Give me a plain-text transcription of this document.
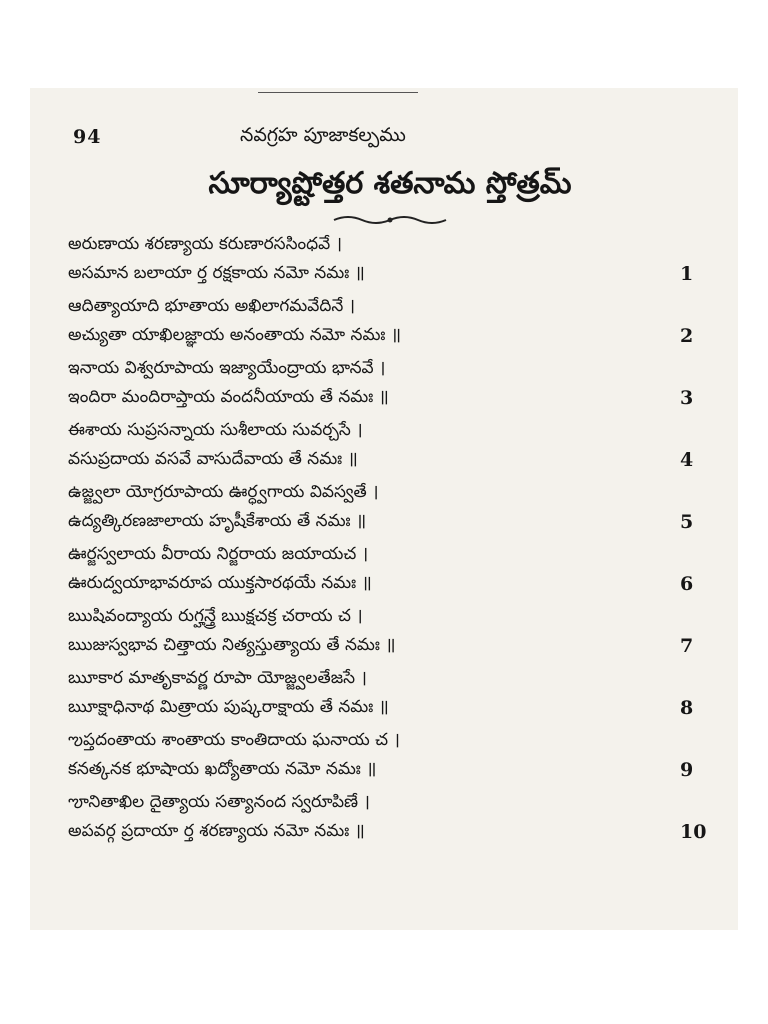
94	నవగ్రహ పూజాకల్పము
సూర్యాష్టోత్తర శతనామ స్తోత్రమ్
అరుణాయ శరణ్యాయ కరుణారససింధవే ।
అసమాన బలాయా ర్త రక్షకాయ నమో నమః ॥	1
ఆదిత్యాయాది భూతాయ అఖిలాగమవేదినే ।
అచ్యుతా యాఖిలజ్ఞాయ అనంతాయ నమో నమః ॥	2
ఇనాయ విశ్వరూపాయ ఇజ్యాయేంద్రాయ భానవే ।
ఇందిరా మందిరాప్తాయ వందనీయాయ తే నమః ॥	3
ఈశాయ సుప్రసన్నాయ సుశీలాయ సువర్చసే ।
వసుప్రదాయ వసవే వాసుదేవాయ తే నమః ॥	4
ఉజ్జ్వలా యోగ్రరూపాయ ఊర్ధ్వగాయ వివస్వతే ।
ఉద్యత్కిరణజాలాయ హృషీకేశాయ తే నమః ॥	5
ఊర్జస్వలాయ వీరాయ నిర్జరాయ జయాయచ ।
ఊరుద్వయాభావరూప యుక్తసారథయే నమః ॥	6
ఋషివంద్యాయ రుగ్హన్త్రే ఋక్షచక్ర చరాయ చ ।
ఋజుస్వభావ చిత్తాయ నిత్యస్తుత్యాయ తే నమః ॥	7
ౠకార మాతృకావర్ణ రూపా యోజ్జ్వలతేజసే ।
ౠక్షాధినాథ మిత్రాయ పుష్కరాక్షాయ తే నమః ॥	8
ఌప్తదంతాయ శాంతాయ కాంతిదాయ ఘనాయ చ ।
కనత్కనక భూషాయ ఖద్యోతాయ నమో నమః ॥	9
ౡనితాఖిల దైత్యాయ సత్యానంద స్వరూపిణే ।
అపవర్గ ప్రదాయా ర్త శరణ్యాయ నమో నమః ॥	10
